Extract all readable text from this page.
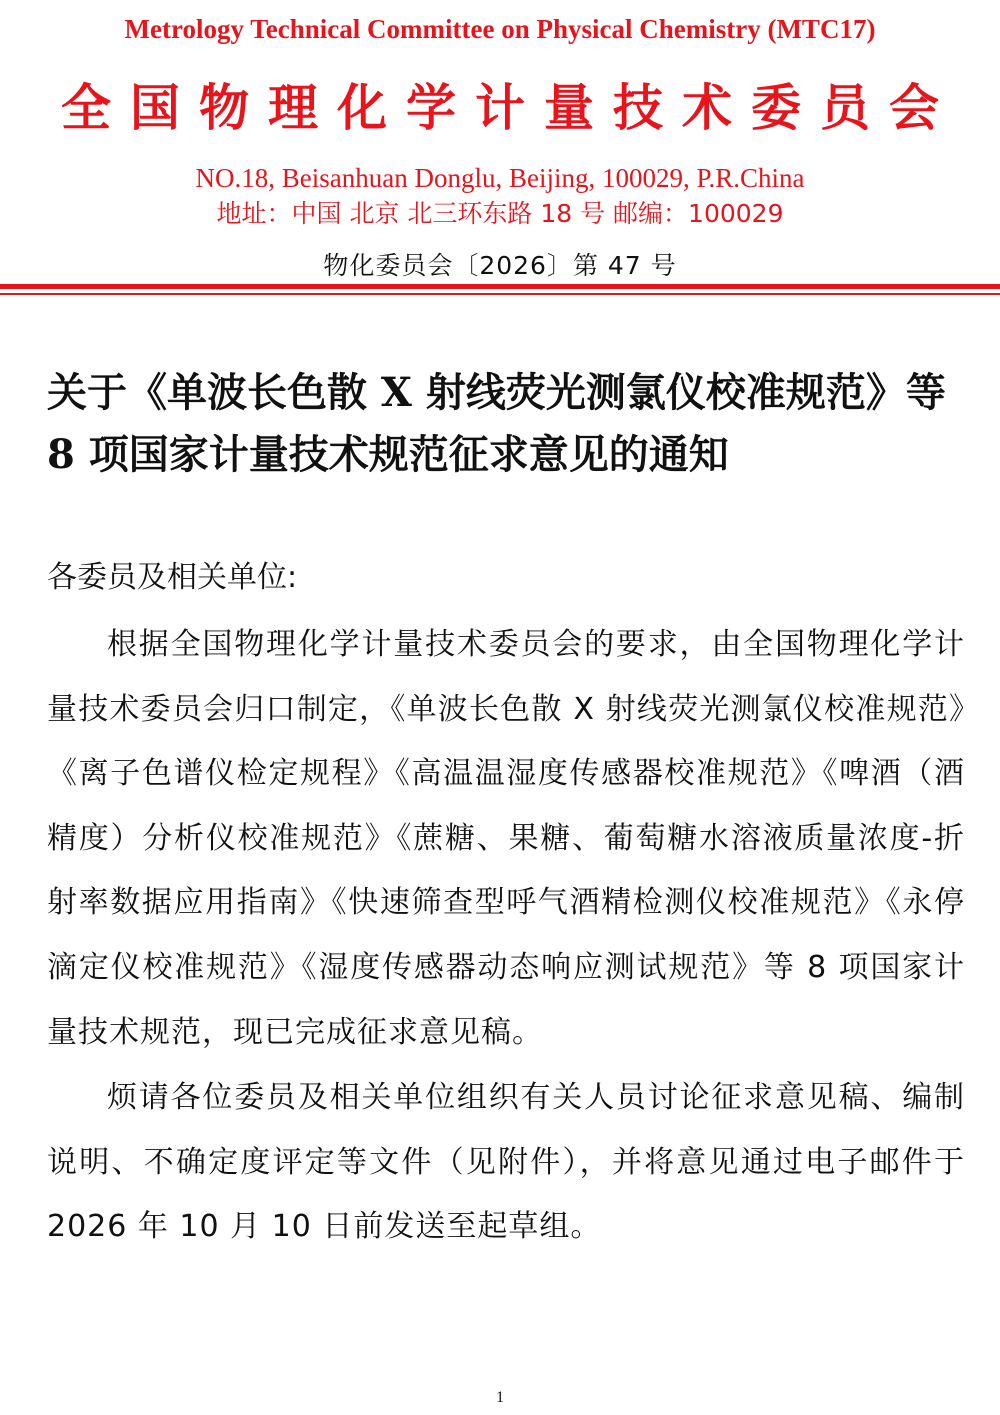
Metrology Technical Committee on Physical Chemistry (MTC17)
全国物理化学计量技术委员会
NO.18, Beisanhuan Donglu, Beijing, 100029, P.R.China
地址：中国 北京 北三环东路 18 号 邮编：100029
物化委员会〔2026〕第 47 号
关于《单波长色散 X 射线荧光测氯仪校准规范》等 8 项国家计量技术规范征求意见的通知
各委员及相关单位:
根据全国物理化学计量技术委员会的要求，由全国物理化学计量技术委员会归口制定，《单波长色散 X 射线荧光测氯仪校准规范》《离子色谱仪检定规程》《高温温湿度传感器校准规范》《啤酒（酒精度）分析仪校准规范》《蔗糖、果糖、葡萄糖水溶液质量浓度-折射率数据应用指南》《快速筛查型呼气酒精检测仪校准规范》《永停滴定仪校准规范》《湿度传感器动态响应测试规范》等 8 项国家计量技术规范，现已完成征求意见稿。
烦请各位委员及相关单位组织有关人员讨论征求意见稿、编制说明、不确定度评定等文件（见附件），并将意见通过电子邮件于 2026 年 10 月 10 日前发送至起草组。
1
